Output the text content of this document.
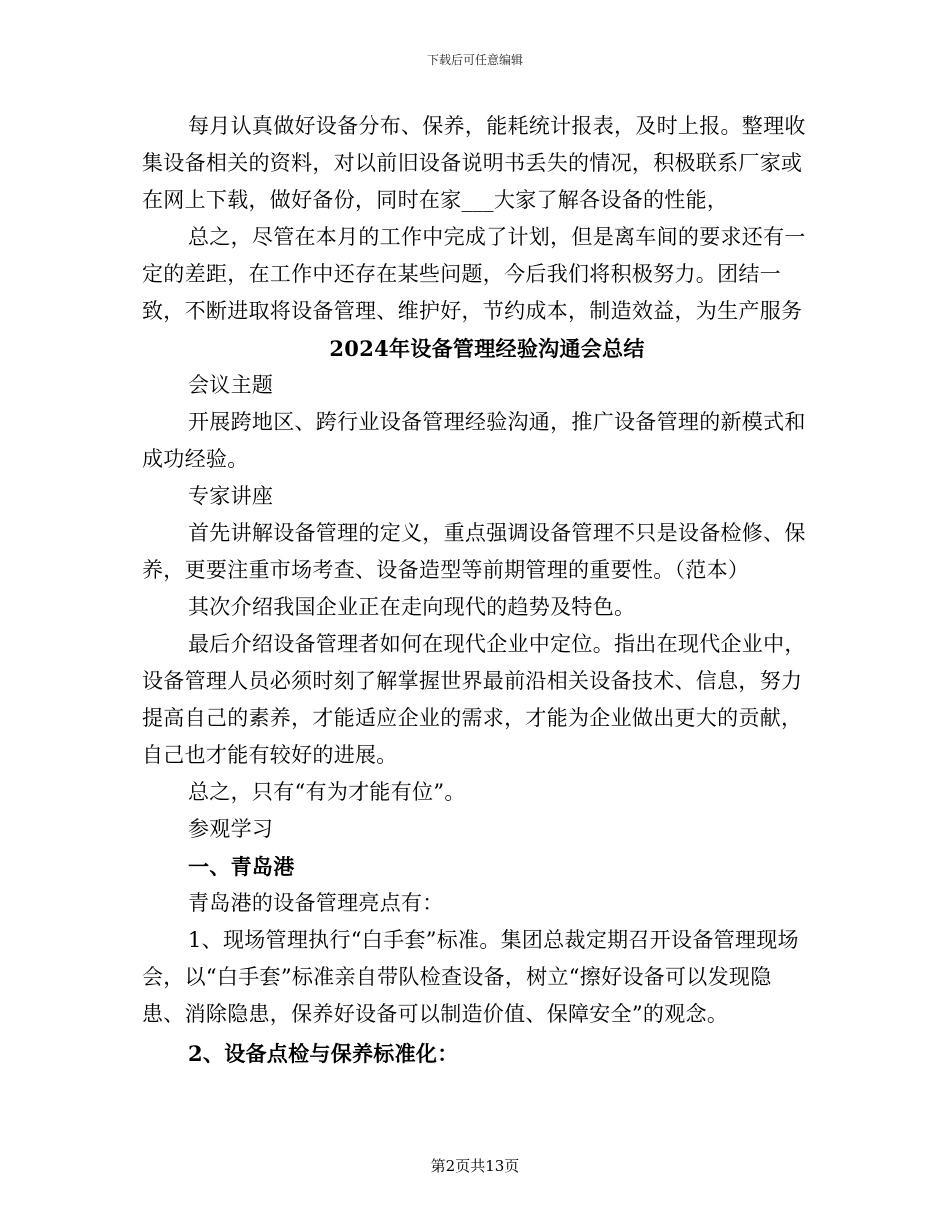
下载后可任意编辑

每月认真做好设备分布、保养，能耗统计报表，及时上报。整理收集设备相关的资料，对以前旧设备说明书丢失的情况，积极联系厂家或在网上下载，做好备份，同时在家___大家了解各设备的性能，

总之，尽管在本月的工作中完成了计划，但是离车间的要求还有一定的差距，在工作中还存在某些问题，今后我们将积极努力。团结一致，不断进取将设备管理、维护好，节约成本，制造效益，为生产服务

2024年设备管理经验沟通会总结

会议主题

开展跨地区、跨行业设备管理经验沟通，推广设备管理的新模式和成功经验。

专家讲座

首先讲解设备管理的定义，重点强调设备管理不只是设备检修、保养，更要注重市场考查、设备造型等前期管理的重要性。（范本）

其次介绍我国企业正在走向现代的趋势及特色。

最后介绍设备管理者如何在现代企业中定位。指出在现代企业中，设备管理人员必须时刻了解掌握世界最前沿相关设备技术、信息，努力提高自己的素养，才能适应企业的需求，才能为企业做出更大的贡献，自己也才能有较好的进展。

总之，只有“有为才能有位”。

参观学习

一、青岛港

青岛港的设备管理亮点有：

1、现场管理执行“白手套”标准。集团总裁定期召开设备管理现场会，以“白手套”标准亲自带队检查设备，树立“擦好设备可以发现隐患、消除隐患，保养好设备可以制造价值、保障安全”的观念。

2、设备点检与保养标准化：

第2页共13页
